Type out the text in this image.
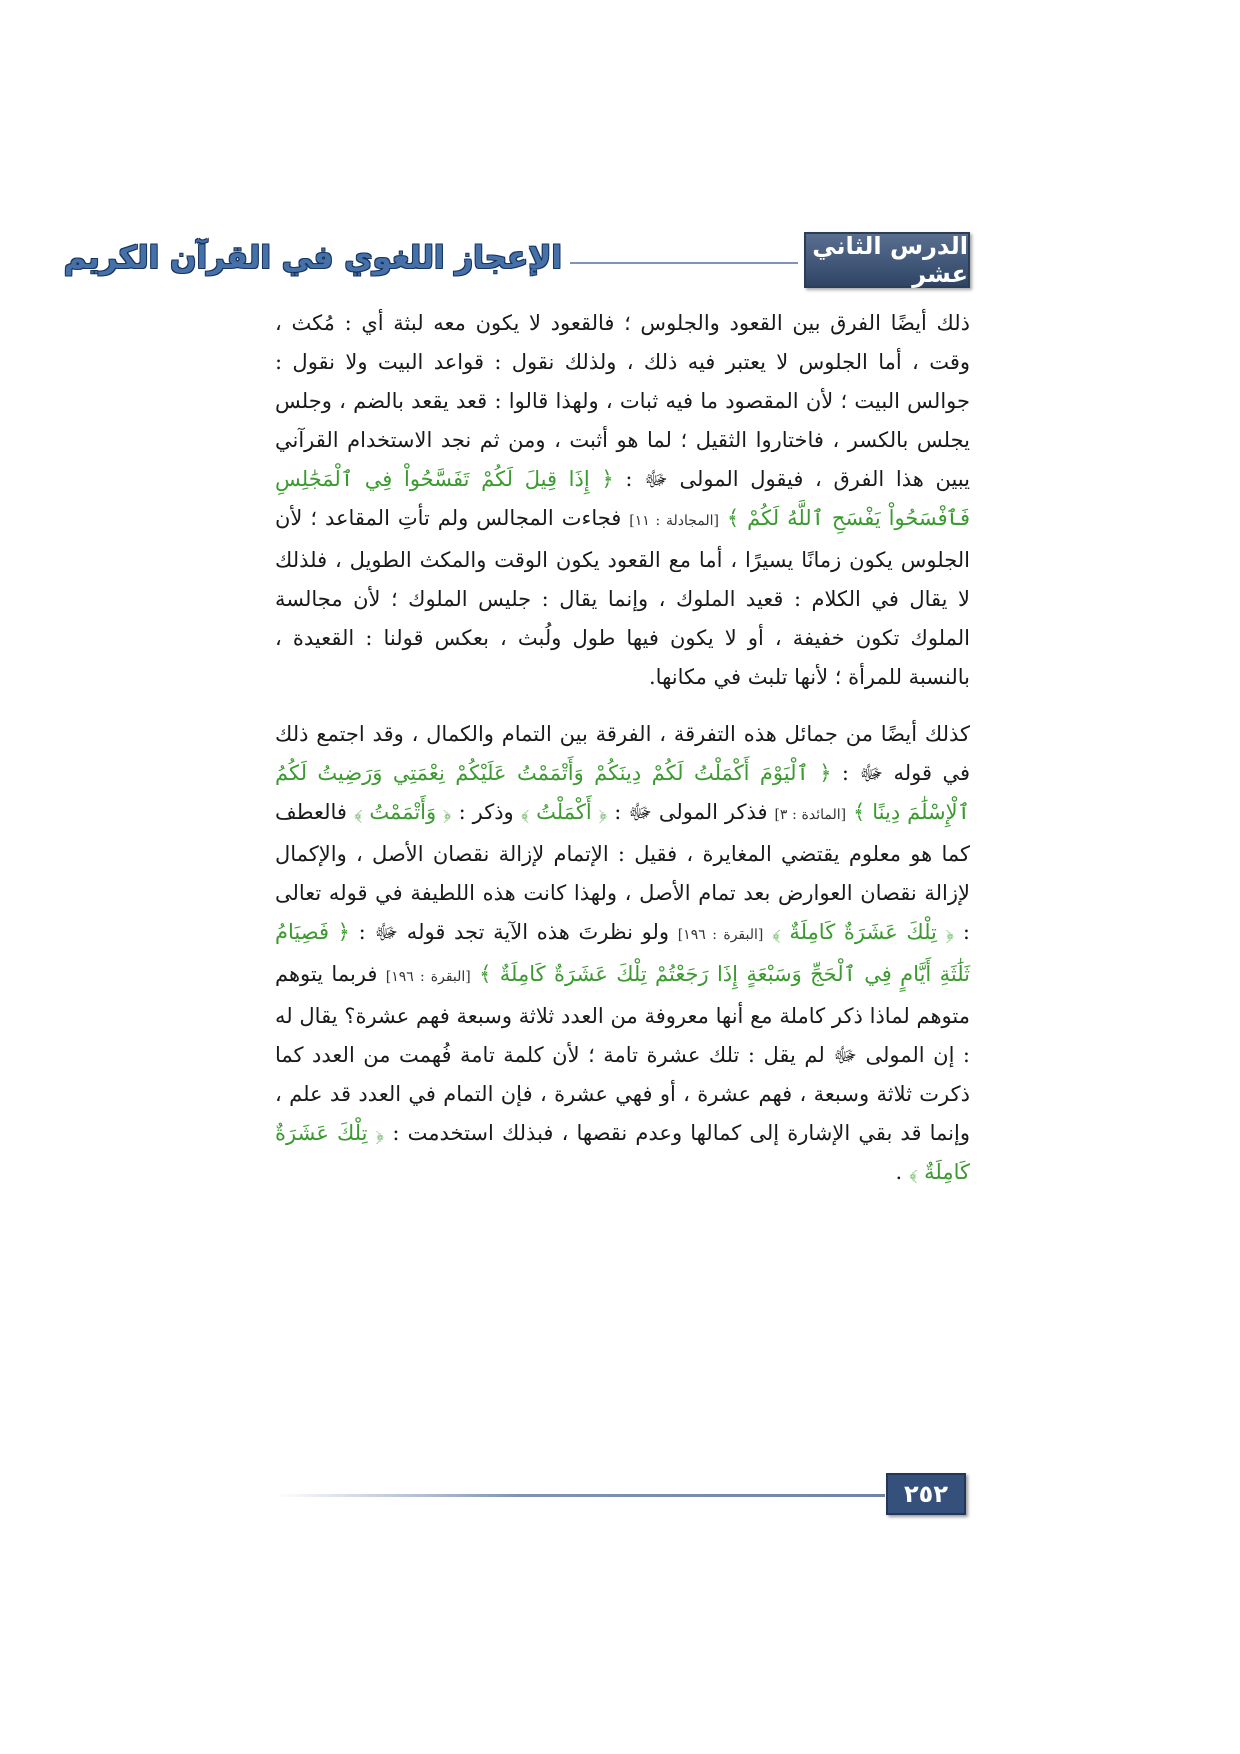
الدرس الثاني عشر
الإعجاز اللغوي في القرآن الكريم

ذلك أيضًا الفرق بين القعود والجلوس ؛ فالقعود لا يكون معه لبثة أي : مُكث ، وقت ، أما الجلوس لا يعتبر فيه ذلك ، ولذلك نقول : قواعد البيت ولا نقول : جوالس البيت ؛ لأن المقصود ما فيه ثبات ، ولهذا قالوا : قعد يقعد بالضم ، وجلس يجلس بالكسر ، فاختاروا الثقيل ؛ لما هو أثبت ، ومن ثم نجد الاستخدام القرآني يبين هذا الفرق ، فيقول المولى ﷻ : ﴿ إِذَا قِيلَ لَكُمْ تَفَسَّحُواْ فِي ٱلْمَجَٰلِسِ فَٱفْسَحُواْ يَفْسَحِ ٱللَّهُ لَكُمْ ﴾ [المجادلة : ١١] فجاءت المجالس ولم تأتِ المقاعد ؛ لأن الجلوس يكون زمانًا يسيرًا ، أما مع القعود يكون الوقت والمكث الطويل ، فلذلك لا يقال في الكلام : قعيد الملوك ، وإنما يقال : جليس الملوك ؛ لأن مجالسة الملوك تكون خفيفة ، أو لا يكون فيها طول ولُبث ، بعكس قولنا : القعيدة ، بالنسبة للمرأة ؛ لأنها تلبث في مكانها.

كذلك أيضًا من جمائل هذه التفرقة ، الفرقة بين التمام والكمال ، وقد اجتمع ذلك في قوله ﷻ : ﴿ ٱلْيَوْمَ أَكْمَلْتُ لَكُمْ دِينَكُمْ وَأَتْمَمْتُ عَلَيْكُمْ نِعْمَتِي وَرَضِيتُ لَكُمُ ٱلْإِسْلَٰمَ دِينًا ﴾ [المائدة : ٣] فذكر المولى ﷻ : ﴿ أَكْمَلْتُ ﴾ وذكر : ﴿ وَأَتْمَمْتُ ﴾ فالعطف كما هو معلوم يقتضي المغايرة ، فقيل : الإتمام لإزالة نقصان الأصل ، والإكمال لإزالة نقصان العوارض بعد تمام الأصل ، ولهذا كانت هذه اللطيفة في قوله تعالى : ﴿ تِلْكَ عَشَرَةٌ كَامِلَةٌ ﴾ [البقرة : ١٩٦] ولو نظرتَ هذه الآية تجد قوله ﷻ : ﴿ فَصِيَامُ ثَلَٰثَةِ أَيَّامٍ فِي ٱلْحَجِّ وَسَبْعَةٍ إِذَا رَجَعْتُمْ تِلْكَ عَشَرَةٌ كَامِلَةٌ ﴾ [البقرة : ١٩٦] فربما يتوهم متوهم لماذا ذكر كاملة مع أنها معروفة من العدد ثلاثة وسبعة فهم عشرة؟ يقال له : إن المولى ﷻ لم يقل : تلك عشرة تامة ؛ لأن كلمة تامة فُهمت من العدد كما ذكرت ثلاثة وسبعة ، فهم عشرة ، أو فهي عشرة ، فإن التمام في العدد قد علم ، وإنما قد بقي الإشارة إلى كمالها وعدم نقصها ، فبذلك استخدمت : ﴿ تِلْكَ عَشَرَةٌ كَامِلَةٌ ﴾ .

٢٥٢
